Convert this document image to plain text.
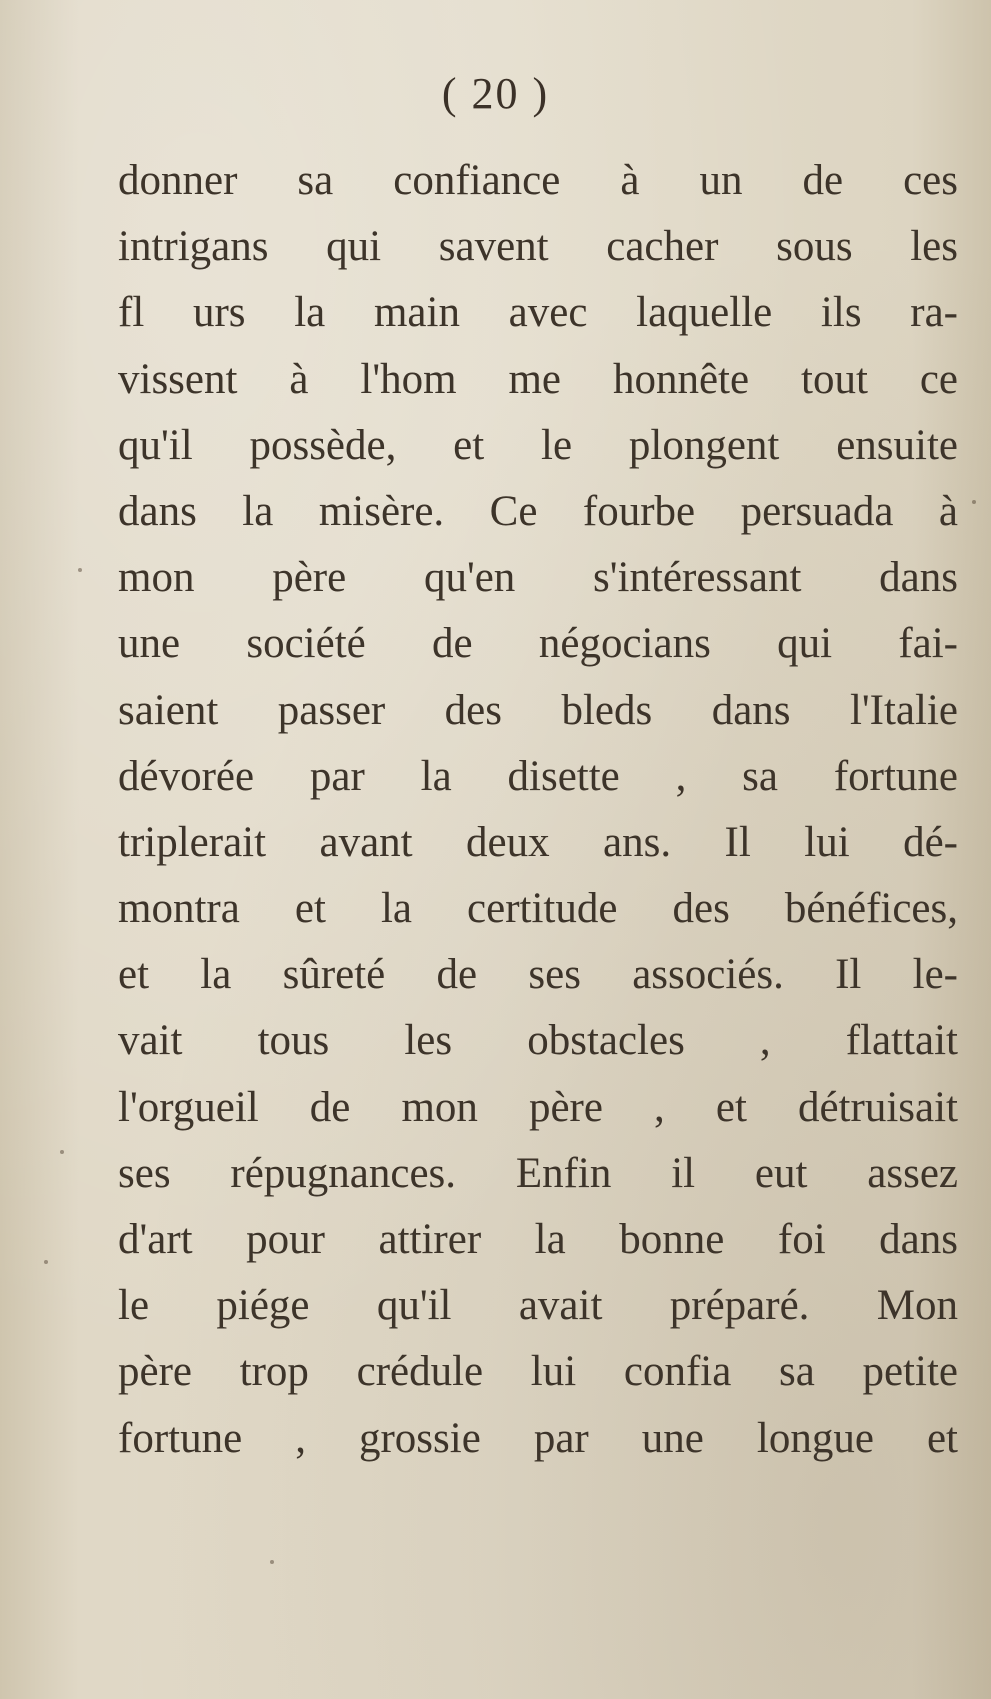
( 20 )
donner sa confiance à un de ces
intrigans qui savent cacher sous les
fl urs la main avec laquelle ils ra-
vissent à l'hom me honnête tout ce
qu'il possède, et le plongent ensuite
dans la misère. Ce fourbe persuada à
mon père qu'en s'intéressant dans
une société de négocians qui fai-
saient passer des bleds dans l'Italie
dévorée par la disette , sa fortune
triplerait avant deux ans. Il lui dé-
montra et la certitude des bénéfices,
et la sûreté de ses associés. Il le-
vait tous les obstacles , flattait
l'orgueil de mon père , et détruisait
ses répugnances. Enfin il eut assez
d'art pour attirer la bonne foi dans
le piége qu'il avait préparé. Mon
père trop crédule lui confia sa petite
fortune , grossie par une longue et
